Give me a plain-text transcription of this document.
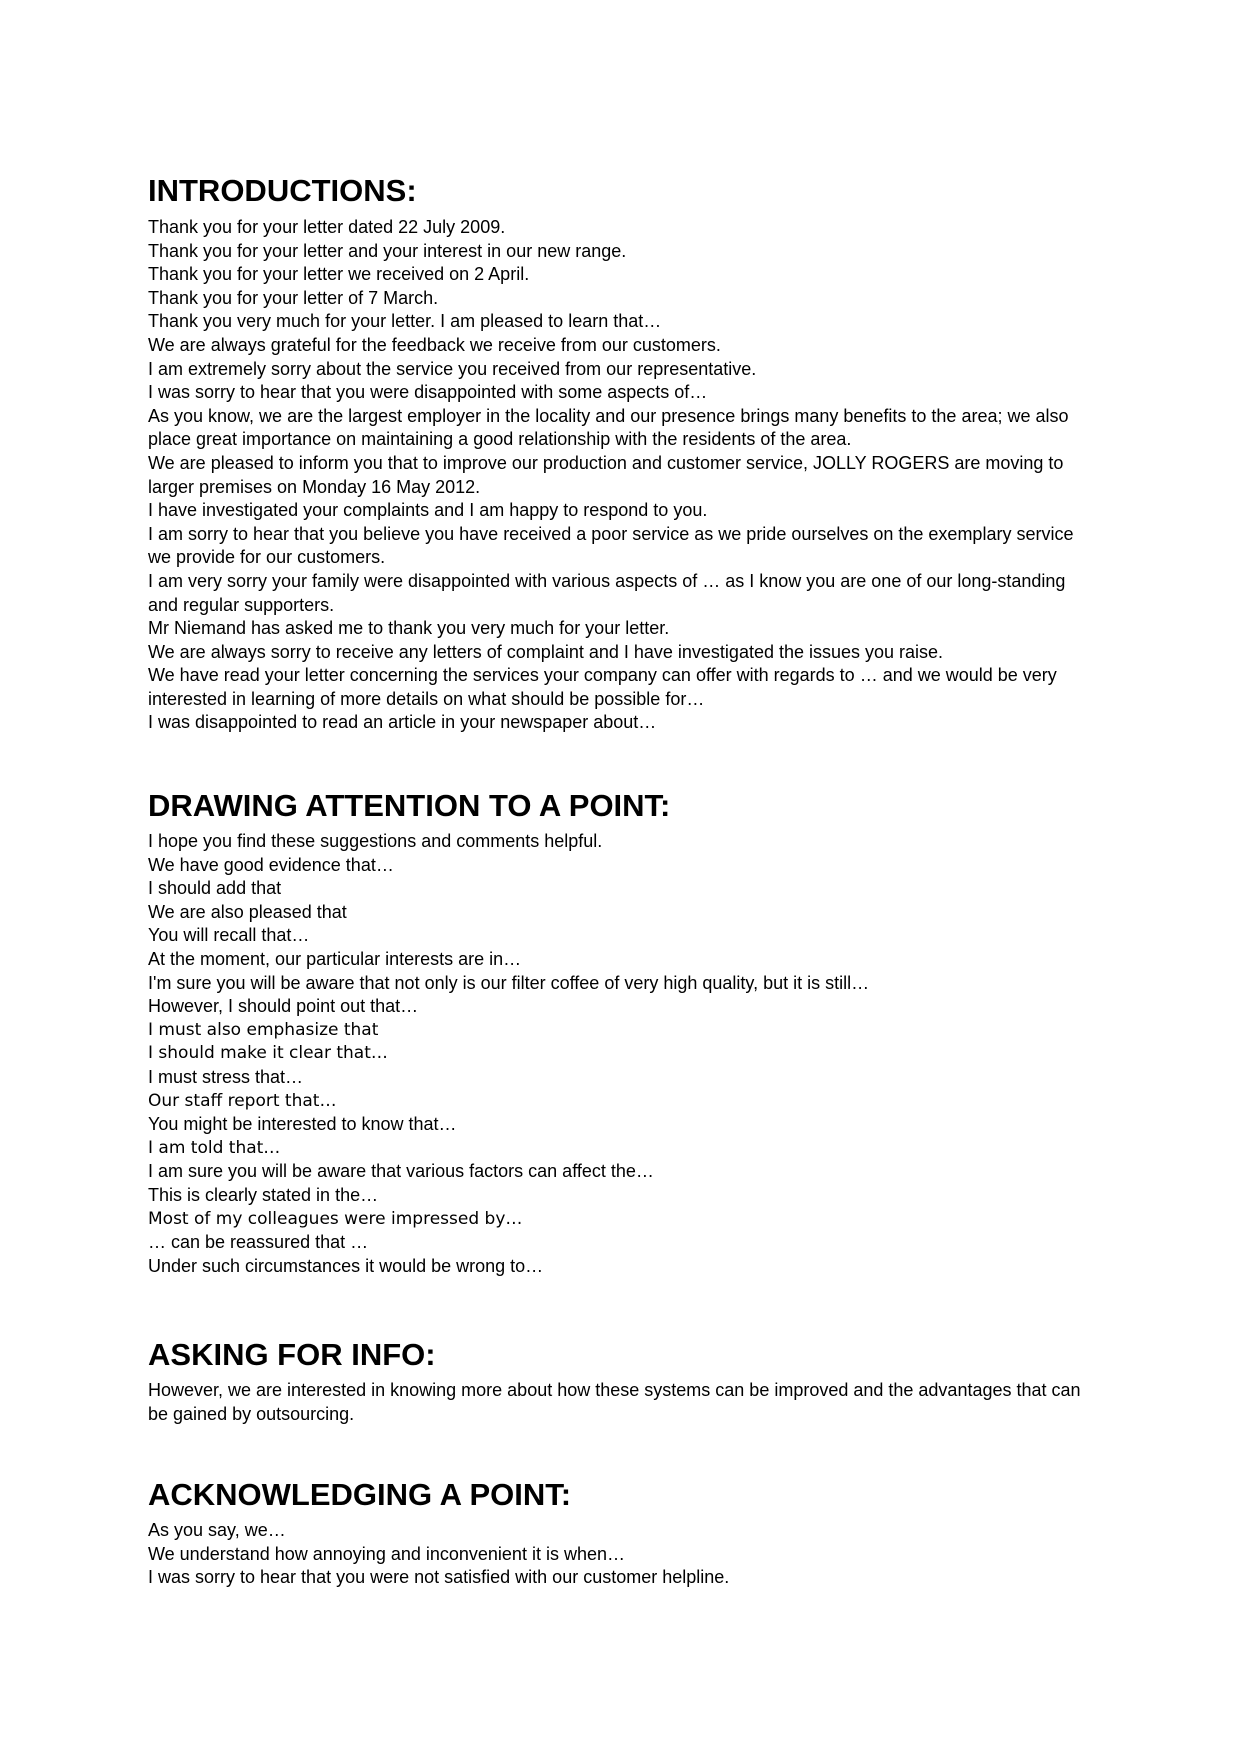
INTRODUCTIONS:
Thank you for your letter dated 22 July 2009.
Thank you for your letter and your interest in our new range.
Thank you for your letter we received on 2 April.
Thank you for your letter of 7 March.
Thank you very much for your letter. I am pleased to learn that…
We are always grateful for the feedback we receive from our customers.
I am extremely sorry about the service you received from our representative.
I was sorry to hear that you were disappointed with some aspects of…
As you know, we are the largest employer in the locality and our presence brings many benefits to the area; we also place great importance on maintaining a good relationship with the residents of the area.
We are pleased to inform you that to improve our production and customer service, JOLLY ROGERS are moving to larger premises on Monday 16 May 2012.
I have investigated your complaints and I am happy to respond to you.
I am sorry to hear that you believe you have received a poor service as we pride ourselves on the exemplary service we provide for our customers.
I am very sorry your family were disappointed with various aspects of … as I know you are one of our long-standing and regular supporters.
Mr Niemand has asked me to thank you very much for your letter.
We are always sorry to receive any letters of complaint and I have investigated the issues you raise.
We have read your letter concerning the services your company can offer with regards to … and we would be very interested in learning of more details on what should be possible for…
I was disappointed to read an article in your newspaper about…
DRAWING ATTENTION TO A POINT:
I hope you find these suggestions and comments helpful.
We have good evidence that…
I should add that
We are also pleased that
You will recall that…
At the moment, our particular interests are in…
I'm sure you will be aware that not only is our filter coffee of very high quality, but it is still…
However, I should point out that…
I must also emphasize that
I should make it clear that…
I must stress that…
Our staff report that…
You might be interested to know that…
I am told that…
I am sure you will be aware that various factors can affect the…
This is clearly stated in the…
Most of my colleagues were impressed by…
… can be reassured that …
Under such circumstances it would be wrong to…
ASKING FOR INFO:
However, we are interested in knowing more about how these systems can be improved and the advantages that can be gained by outsourcing.
ACKNOWLEDGING A POINT:
As you say, we…
We understand how annoying and inconvenient it is when…
I was sorry to hear that you were not satisfied with our customer helpline.
